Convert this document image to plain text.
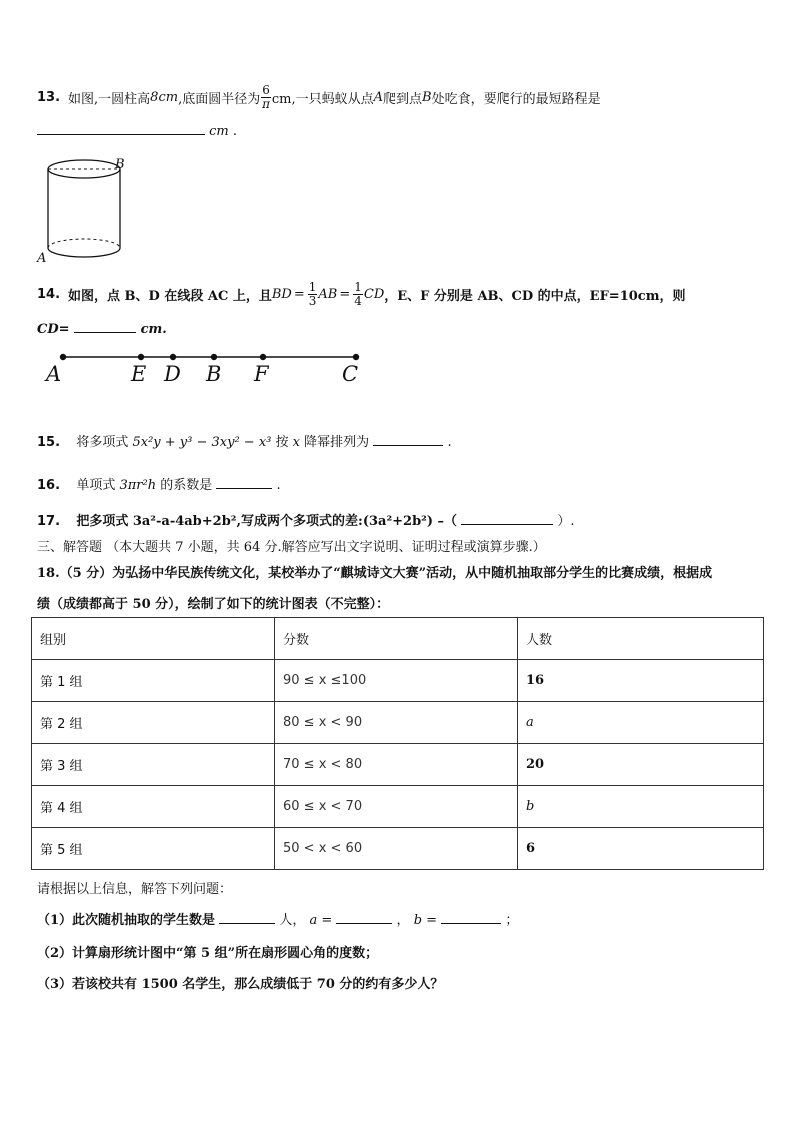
13. 如图,一圆柱高 8 cm ,底面圆半径为 $\frac{6}{\pi}$ cm,一只蚂蚁从点 A 爬到点 B 处吃食，要爬行的最短路程是
cm .
B
A
14. 如图，点 B、D 在线段 AC 上，且 BD = $\frac{1}{3}$ AB = $\frac{1}{4}$ CD ，E、F 分别是 AB、CD 的中点，EF=10cm，则
CD=	cm.
A	E D B F	C
15. 将多项式 5x²y + y³ − 3xy² − x³ 按 x 降幂排列为	.
16. 单项式 3πr²h 的系数是	.
17. 把多项式 3a²-a-4ab+2b²,写成两个多项式的差:(3a²+2b²) –（	）.
三、解答题 （本大题共 7 小题，共 64 分.解答应写出文字说明、证明过程或演算步骤.）
18.（5 分）为弘扬中华民族传统文化，某校举办了“麒城诗文大赛”活动，从中随机抽取部分学生的比赛成绩，根据成
绩（成绩都高于 50 分），绘制了如下的统计图表（不完整）：
组别	分数	人数
第 1 组	90 ≤ x ≤100	16
第 2 组	80 ≤ x < 90	a
第 3 组	70 ≤ x < 80	20
第 4 组	60 ≤ x < 70	b
第 5 组	50 < x < 60	6
请根据以上信息，解答下列问题：
（1）此次随机抽取的学生数是	人， a =	， b =	；
（2）计算扇形统计图中“第 5 组”所在扇形圆心角的度数；
（3）若该校共有 1500 名学生，那么成绩低于 70 分的约有多少人？
